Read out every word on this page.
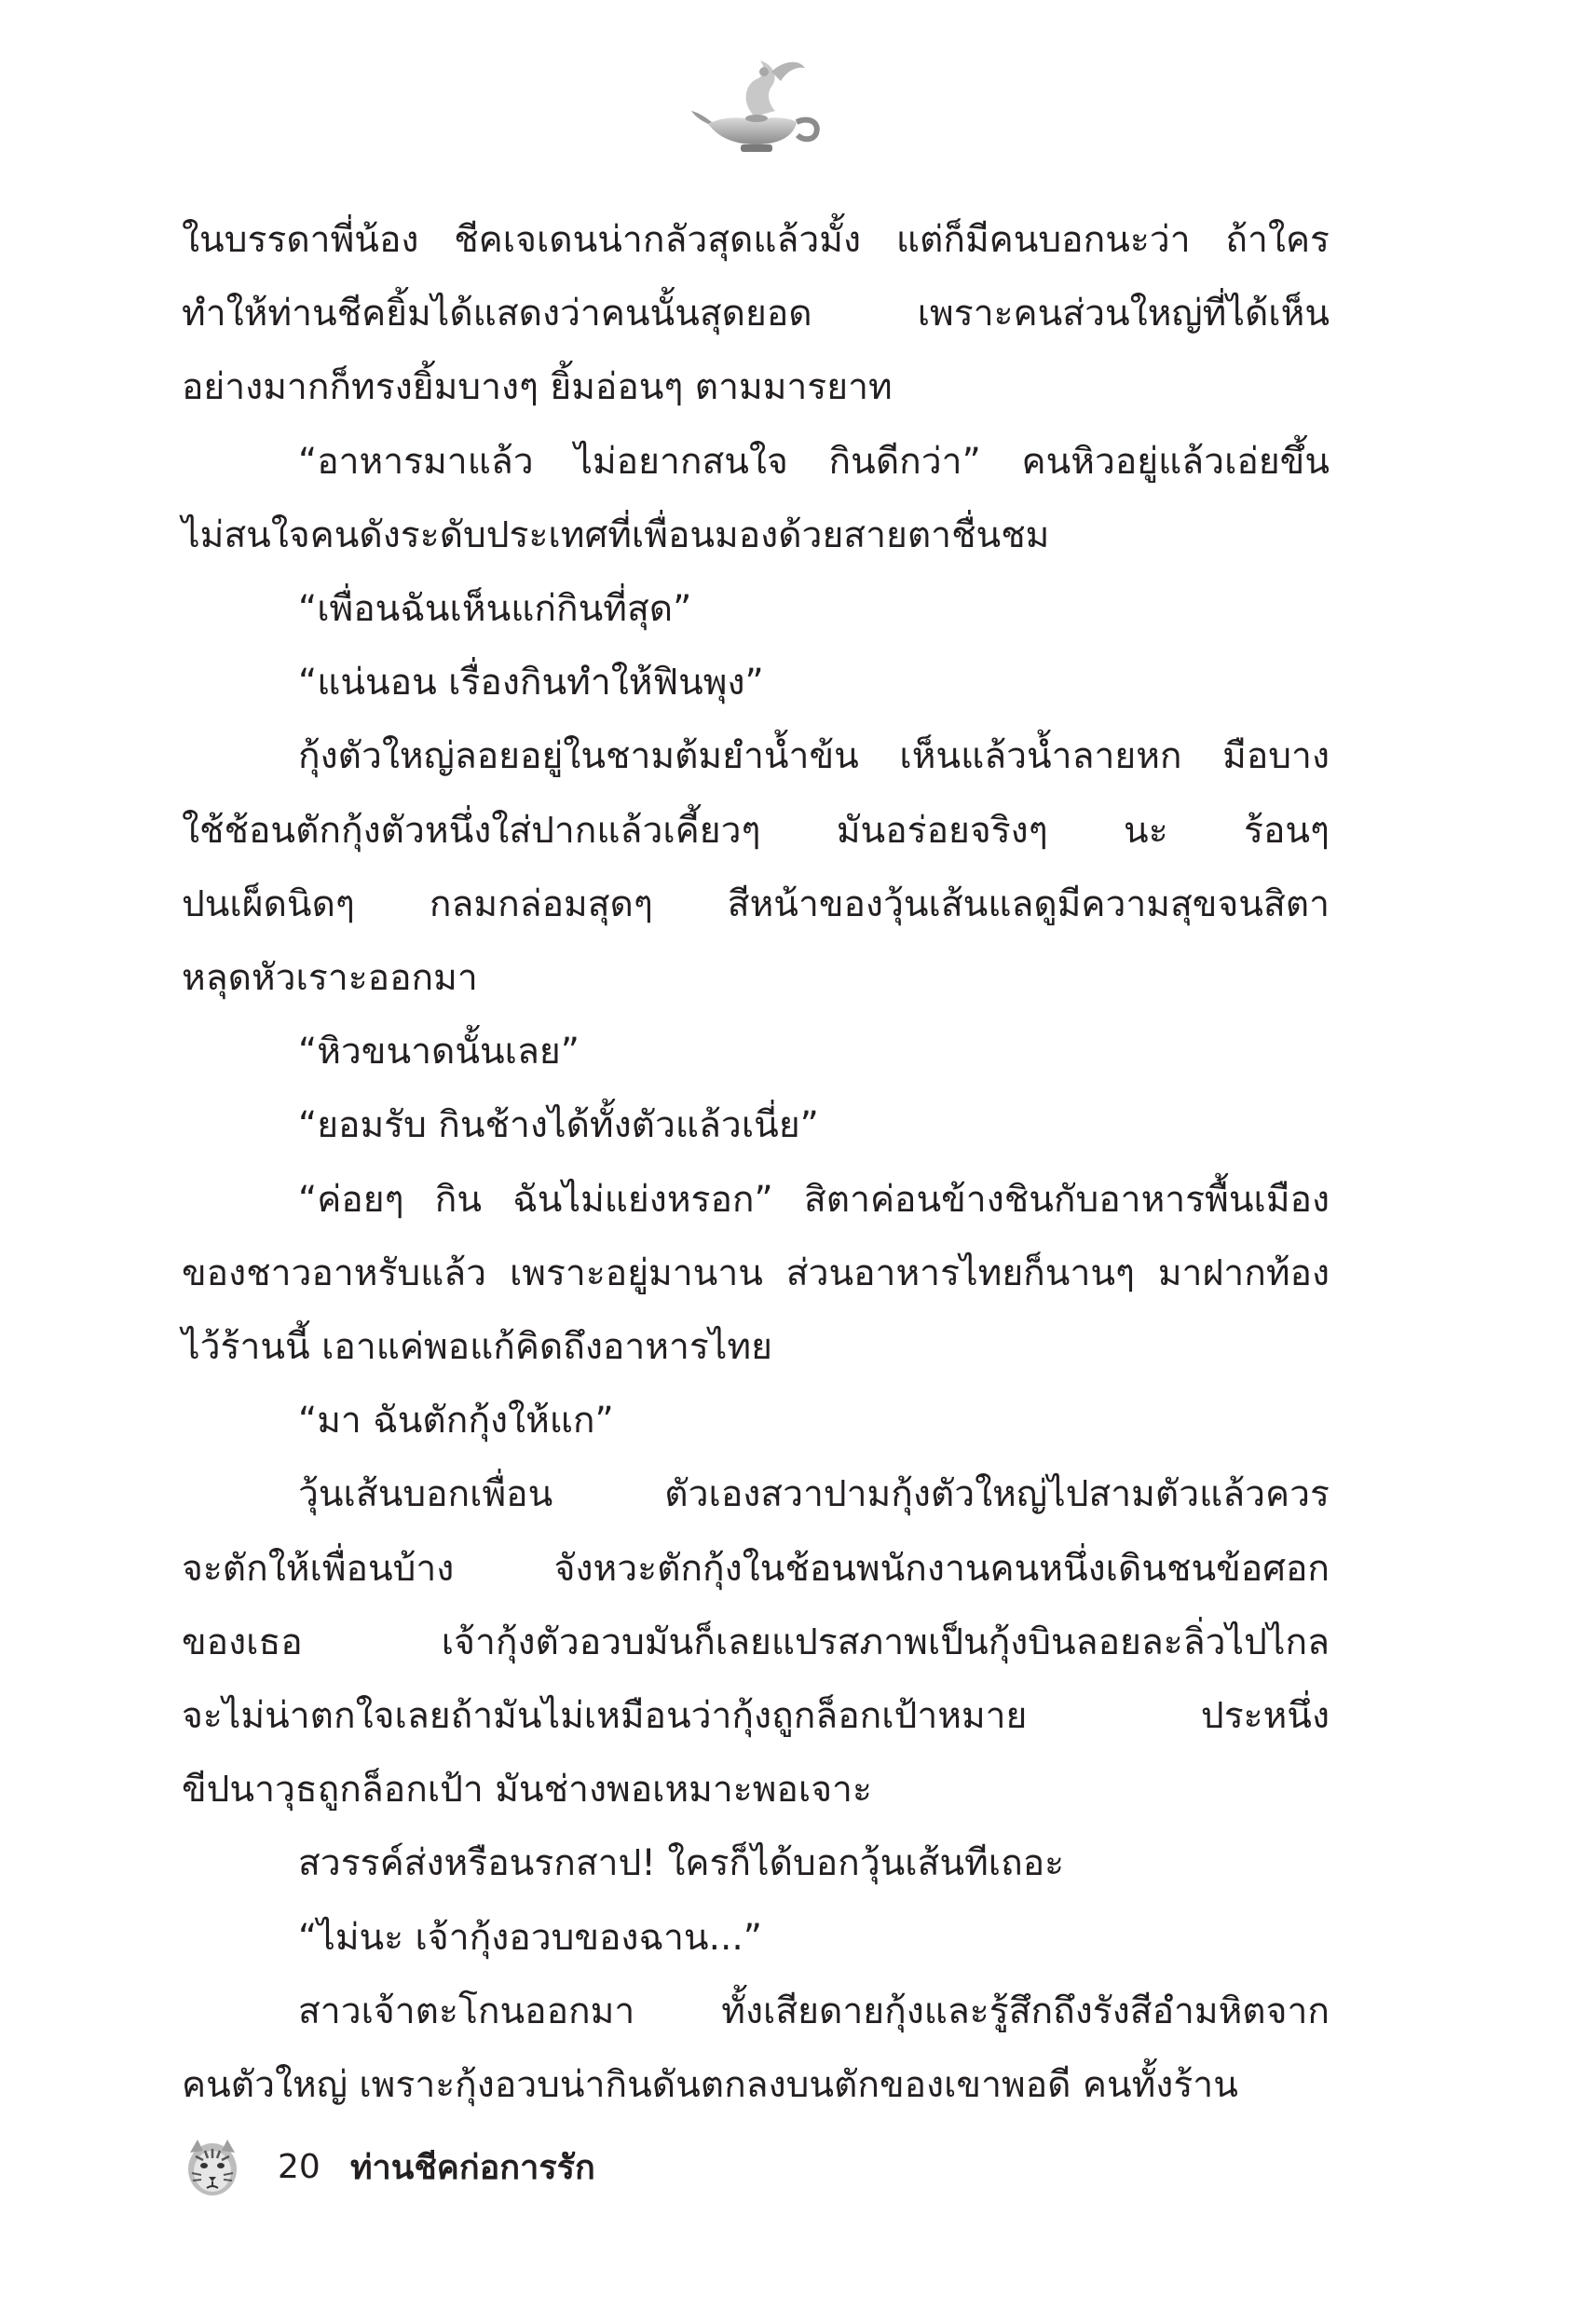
ในบรรดาพี่น้อง ชีคเจเดนน่ากลัวสุดแล้วมั้ง แต่ก็มีคนบอกนะว่า ถ้าใคร
ทำให้ท่านชีคยิ้มได้แสดงว่าคนนั้นสุดยอด เพราะคนส่วนใหญ่ที่ได้เห็น
อย่างมากก็ทรงยิ้มบางๆ ยิ้มอ่อนๆ ตามมารยาท
“อาหารมาแล้ว ไม่อยากสนใจ กินดีกว่า” คนหิวอยู่แล้วเอ่ยขึ้น
ไม่สนใจคนดังระดับประเทศที่เพื่อนมองด้วยสายตาชื่นชม
“เพื่อนฉันเห็นแก่กินที่สุด”
“แน่นอน เรื่องกินทำให้ฟินพุง”
กุ้งตัวใหญ่ลอยอยู่ในชามต้มยำน้ำข้น เห็นแล้วน้ำลายหก มือบาง
ใช้ช้อนตักกุ้งตัวหนึ่งใส่ปากแล้วเคี้ยวๆ มันอร่อยจริงๆ นะ ร้อนๆ
ปนเผ็ดนิดๆ กลมกล่อมสุดๆ สีหน้าของวุ้นเส้นแลดูมีความสุขจนสิตา
หลุดหัวเราะออกมา
“หิวขนาดนั้นเลย”
“ยอมรับ กินช้างได้ทั้งตัวแล้วเนี่ย”
“ค่อยๆ กิน ฉันไม่แย่งหรอก” สิตาค่อนข้างชินกับอาหารพื้นเมือง
ของชาวอาหรับแล้ว เพราะอยู่มานาน ส่วนอาหารไทยก็นานๆ มาฝากท้อง
ไว้ร้านนี้ เอาแค่พอแก้คิดถึงอาหารไทย
“มา ฉันตักกุ้งให้แก”
วุ้นเส้นบอกเพื่อน ตัวเองสวาปามกุ้งตัวใหญ่ไปสามตัวแล้วควร
จะตักให้เพื่อนบ้าง จังหวะตักกุ้งในช้อนพนักงานคนหนึ่งเดินชนข้อศอก
ของเธอ เจ้ากุ้งตัวอวบมันก็เลยแปรสภาพเป็นกุ้งบินลอยละลิ่วไปไกล
จะไม่น่าตกใจเลยถ้ามันไม่เหมือนว่ากุ้งถูกล็อกเป้าหมาย ประหนึ่ง
ขีปนาวุธถูกล็อกเป้า มันช่างพอเหมาะพอเจาะ
สวรรค์ส่งหรือนรกสาป! ใครก็ได้บอกวุ้นเส้นทีเถอะ
“ไม่นะ เจ้ากุ้งอวบของฉาน...”
สาวเจ้าตะโกนออกมา ทั้งเสียดายกุ้งและรู้สึกถึงรังสีอำมหิตจาก
คนตัวใหญ่ เพราะกุ้งอวบน่ากินดันตกลงบนตักของเขาพอดี คนทั้งร้าน
20 ท่านชีคก่อการรัก
